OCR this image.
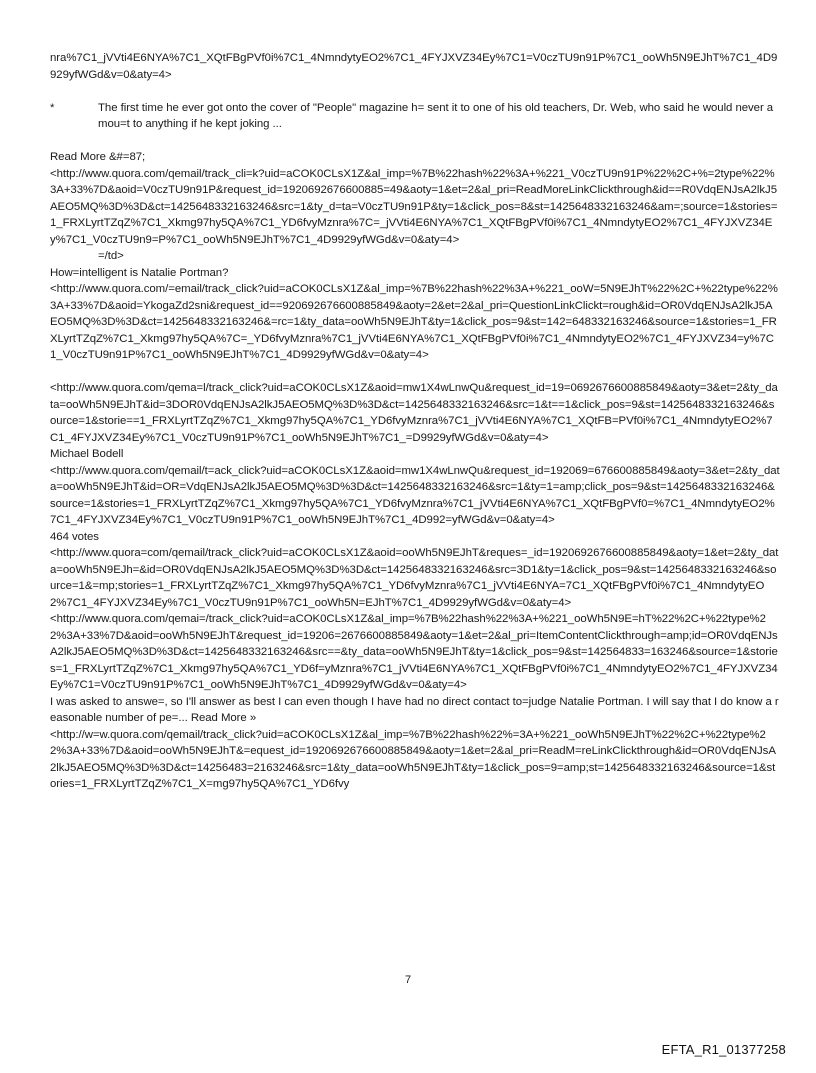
nra%7C1_jVVti4E6NYA%7C1_XQtFBgPVf0i%7C1_4NmndytyEO2%7C1_4FYJXVZ34Ey%7C1=V0czTU9n91P%7C1_ooWh5N9EJhT%7C1_4D9929yfWGd&v=0&aty=4>

*	The first time he ever got onto the cover of "People" magazine h= sent it to one of his old teachers, Dr. Web, who said he would never amou=t to anything if he kept joking ...

Read More &#=87;

<http://www.quora.com/qemail/track_cli=k?uid=aCOK0CLsX1Z&al_imp=%7B%22hash%22%3A+%221_V0czTU9n91P%22%2C+%=2type%22%3A+33%7D&aoid=V0czTU9n91P&request_id=1920692676600885=49&aoty=1&et=2&al_pri=ReadMoreLinkClickthrough&id==R0VdqENJsA2lkJ5AEO5MQ%3D%3D&ct=1425648332163246&src=1&ty_d=ta=V0czTU9n91P&ty=1&click_pos=8&st=1425648332163246&am=;source=1&stories=1_FRXLyrtTZqZ%7C1_Xkmg97hy5QA%7C1_YD6fvyMznra%7C=_jVVti4E6NYA%7C1_XQtFBgPVf0i%7C1_4NmndytyEO2%7C1_4FYJXVZ34Ey%7C1_V0czTU9n9=P%7C1_ooWh5N9EJhT%7C1_4D9929yfWGd&v=0&aty=4>

=/td>

How=intelligent is Natalie Portman?

<http://www.quora.com/=email/track_click?uid=aCOK0CLsX1Z&al_imp=%7B%22hash%22%3A+%221_ooW=5N9EJhT%22%2C+%22type%22%3A+33%7D&aoid=YkogaZd2sni&request_id==920692676600885849&aoty=2&et=2&al_pri=QuestionLinkClickt=rough&id=OR0VdqENJsA2lkJ5AEO5MQ%3D%3D&ct=1425648332163246&=rc=1&ty_data=ooWh5N9EJhT&ty=1&click_pos=9&st=142=648332163246&source=1&stories=1_FRXLyrtTZqZ%7C1_Xkmg97hy5QA%7C=_YD6fvyMznra%7C1_jVVti4E6NYA%7C1_XQtFBgPVf0i%7C1_4NmndytyEO2%7C1_4FYJXVZ34=y%7C1_V0czTU9n91P%7C1_ooWh5N9EJhT%7C1_4D9929yfWGd&v=0&aty=4>

<http://www.quora.com/qema=l/track_click?uid=aCOK0CLsX1Z&aoid=mw1X4wLnwQu&request_id=19=0692676600885849&aoty=3&et=2&ty_data=ooWh5N9EJhT&id=3DOR0VdqENJsA2lkJ5AEO5MQ%3D%3D&ct=1425648332163246&src=1&t==1&click_pos=9&st=1425648332163246&source=1&storie==1_FRXLyrtTZqZ%7C1_Xkmg97hy5QA%7C1_YD6fvyMznra%7C1_jVVti4E6NYA%7C1_XQtFB=PVf0i%7C1_4NmndytyEO2%7C1_4FYJXVZ34Ey%7C1_V0czTU9n91P%7C1_ooWh5N9EJhT%7C1_=D9929yfWGd&v=0&aty=4>

Michael Bodell

<http://www.quora.com/qemail/t=ack_click?uid=aCOK0CLsX1Z&aoid=mw1X4wLnwQu&request_id=192069=676600885849&aoty=3&et=2&ty_data=ooWh5N9EJhT&id=OR=VdqENJsA2lkJ5AEO5MQ%3D%3D&ct=1425648332163246&src=1&ty=1=amp;click_pos=9&st=1425648332163246&source=1&stories=1_FRXLyrtTZqZ%7C1_Xkmg97hy5QA%7C1_YD6fvyMznra%7C1_jVVti4E6NYA%7C1_XQtFBgPVf0=%7C1_4NmndytyEO2%7C1_4FYJXVZ34Ey%7C1_V0czTU9n91P%7C1_ooWh5N9EJhT%7C1_4D992=yfWGd&v=0&aty=4>

464 votes

<http://www.quora=com/qemail/track_click?uid=aCOK0CLsX1Z&aoid=ooWh5N9EJhT&reques=_id=1920692676600885849&aoty=1&et=2&ty_data=ooWh5N9EJh=&id=OR0VdqENJsA2lkJ5AEO5MQ%3D%3D&ct=1425648332163246&src=3D1&ty=1&click_pos=9&st=1425648332163246&source=1&=mp;stories=1_FRXLyrtTZqZ%7C1_Xkmg97hy5QA%7C1_YD6fvyMznra%7C1_jVVti4E6NYA=7C1_XQtFBgPVf0i%7C1_4NmndytyEO2%7C1_4FYJXVZ34Ey%7C1_V0czTU9n91P%7C1_ooWh5N=EJhT%7C1_4D9929yfWGd&v=0&aty=4>

<http://www.quora.com/qemai=/track_click?uid=aCOK0CLsX1Z&al_imp=%7B%22hash%22%3A+%221_ooWh5N9E=hT%22%2C+%22type%22%3A+33%7D&aoid=ooWh5N9EJhT&request_id=19206=2676600885849&aoty=1&et=2&al_pri=ItemContentClickthrough=amp;id=OR0VdqENJsA2lkJ5AEO5MQ%3D%3D&ct=1425648332163246&src==&ty_data=ooWh5N9EJhT&ty=1&click_pos=9&st=142564833=163246&source=1&stories=1_FRXLyrtTZqZ%7C1_Xkmg97hy5QA%7C1_YD6f=yMznra%7C1_jVVti4E6NYA%7C1_XQtFBgPVf0i%7C1_4NmndytyEO2%7C1_4FYJXVZ34Ey%7C1=V0czTU9n91P%7C1_ooWh5N9EJhT%7C1_4D9929yfWGd&v=0&aty=4>

I was asked to answe=, so I'll answer as best I can even though I have had no direct contact to=judge Natalie Portman. I will say that I do know a reasonable number of pe=... Read More »

<http://w=w.quora.com/qemail/track_click?uid=aCOK0CLsX1Z&al_imp=%7B%22hash%22%=3A+%221_ooWh5N9EJhT%22%2C+%22type%22%3A+33%7D&aoid=ooWh5N9EJhT&=equest_id=1920692676600885849&aoty=1&et=2&al_pri=ReadM=reLinkClickthrough&id=OR0VdqENJsA2lkJ5AEO5MQ%3D%3D&ct=14256483=2163246&src=1&ty_data=ooWh5N9EJhT&ty=1&click_pos=9=amp;st=1425648332163246&source=1&stories=1_FRXLyrtTZqZ%7C1_X=mg97hy5QA%7C1_YD6fvy

7
EFTA_R1_01377258
